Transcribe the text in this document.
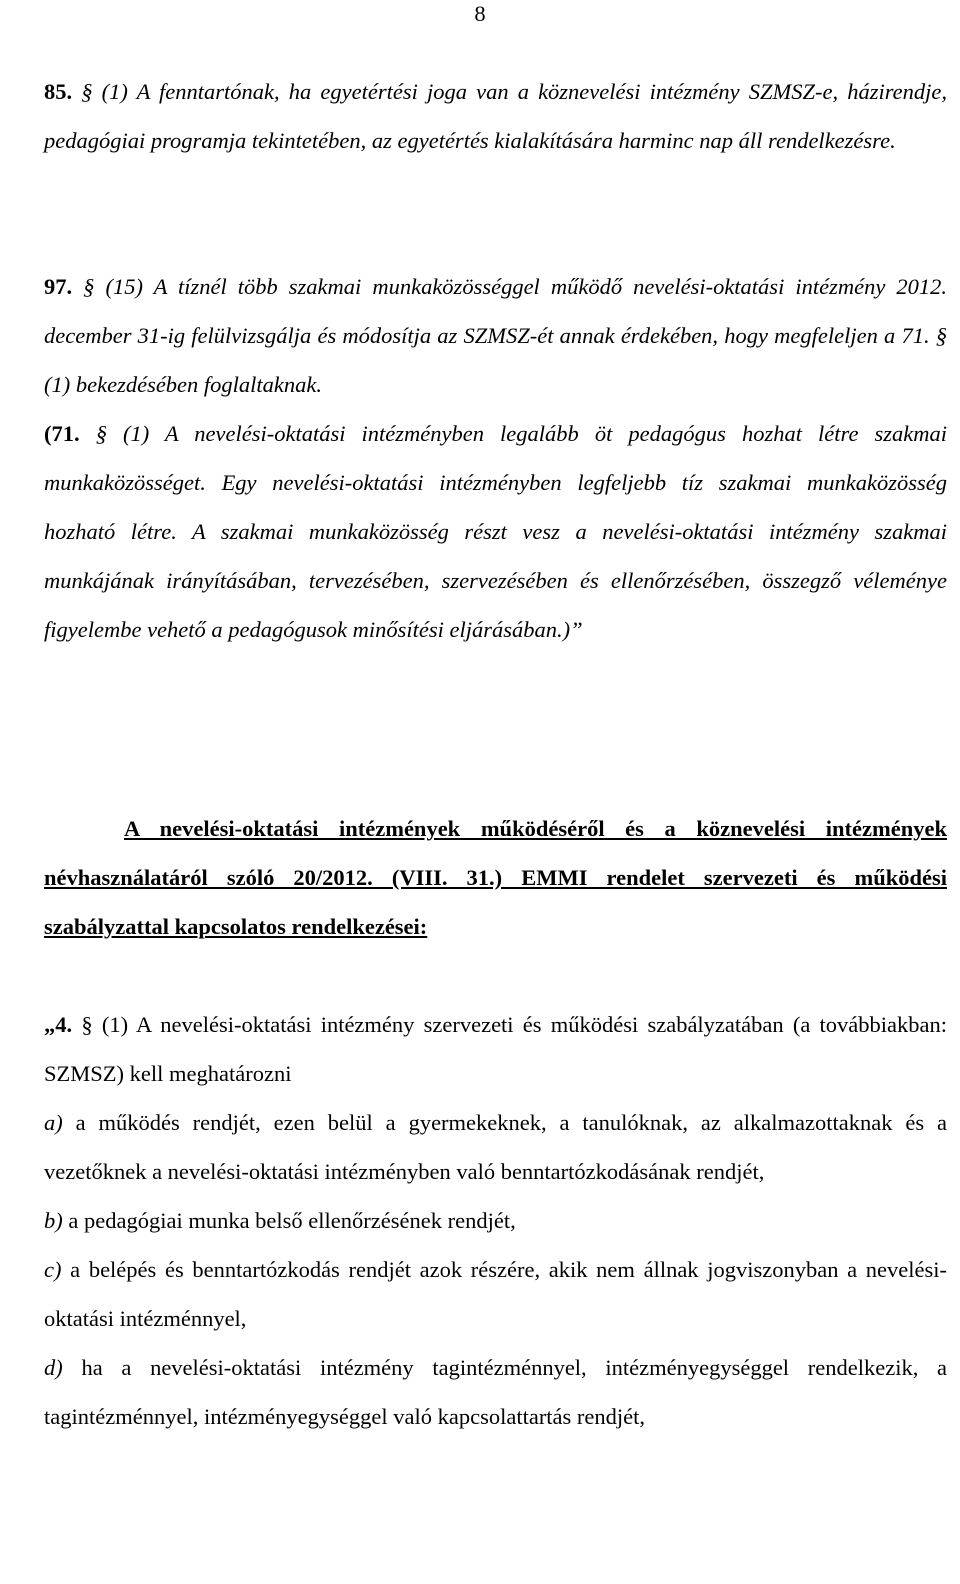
8

85. § (1) A fenntartónak, ha egyetértési joga van a köznevelési intézmény SZMSZ-e, házirendje, pedagógiai programja tekintetében, az egyetértés kialakítására harminc nap áll rendelkezésre.

97. § (15) A tíznél több szakmai munkaközösséggel működő nevelési-oktatási intézmény 2012. december 31-ig felülvizsgálja és módosítja az SZMSZ-ét annak érdekében, hogy megfeleljen a 71. § (1) bekezdésében foglaltaknak.

(71. § (1) A nevelési-oktatási intézményben legalább öt pedagógus hozhat létre szakmai munkaközösséget. Egy nevelési-oktatási intézményben legfeljebb tíz szakmai munkaközösség hozható létre. A szakmai munkaközösség részt vesz a nevelési-oktatási intézmény szakmai munkájának irányításában, tervezésében, szervezésében és ellenőrzésében, összegző véleménye figyelembe vehető a pedagógusok minősítési eljárásában.)”

A nevelési-oktatási intézmények működéséről és a köznevelési intézmények névhasználatáról szóló 20/2012. (VIII. 31.) EMMI rendelet szervezeti és működési szabályzattal kapcsolatos rendelkezései:

„4. § (1) A nevelési-oktatási intézmény szervezeti és működési szabályzatában (a továbbiakban: SZMSZ) kell meghatározni

a) a működés rendjét, ezen belül a gyermekeknek, a tanulóknak, az alkalmazottaknak és a vezetőknek a nevelési-oktatási intézményben való benntartózkodásának rendjét,

b) a pedagógiai munka belső ellenőrzésének rendjét,

c) a belépés és benntartózkodás rendjét azok részére, akik nem állnak jogviszonyban a nevelési-oktatási intézménnyel,

d) ha a nevelési-oktatási intézmény tagintézménnyel, intézményegységgel rendelkezik, a tagintézménnyel, intézményegységgel való kapcsolattartás rendjét,
